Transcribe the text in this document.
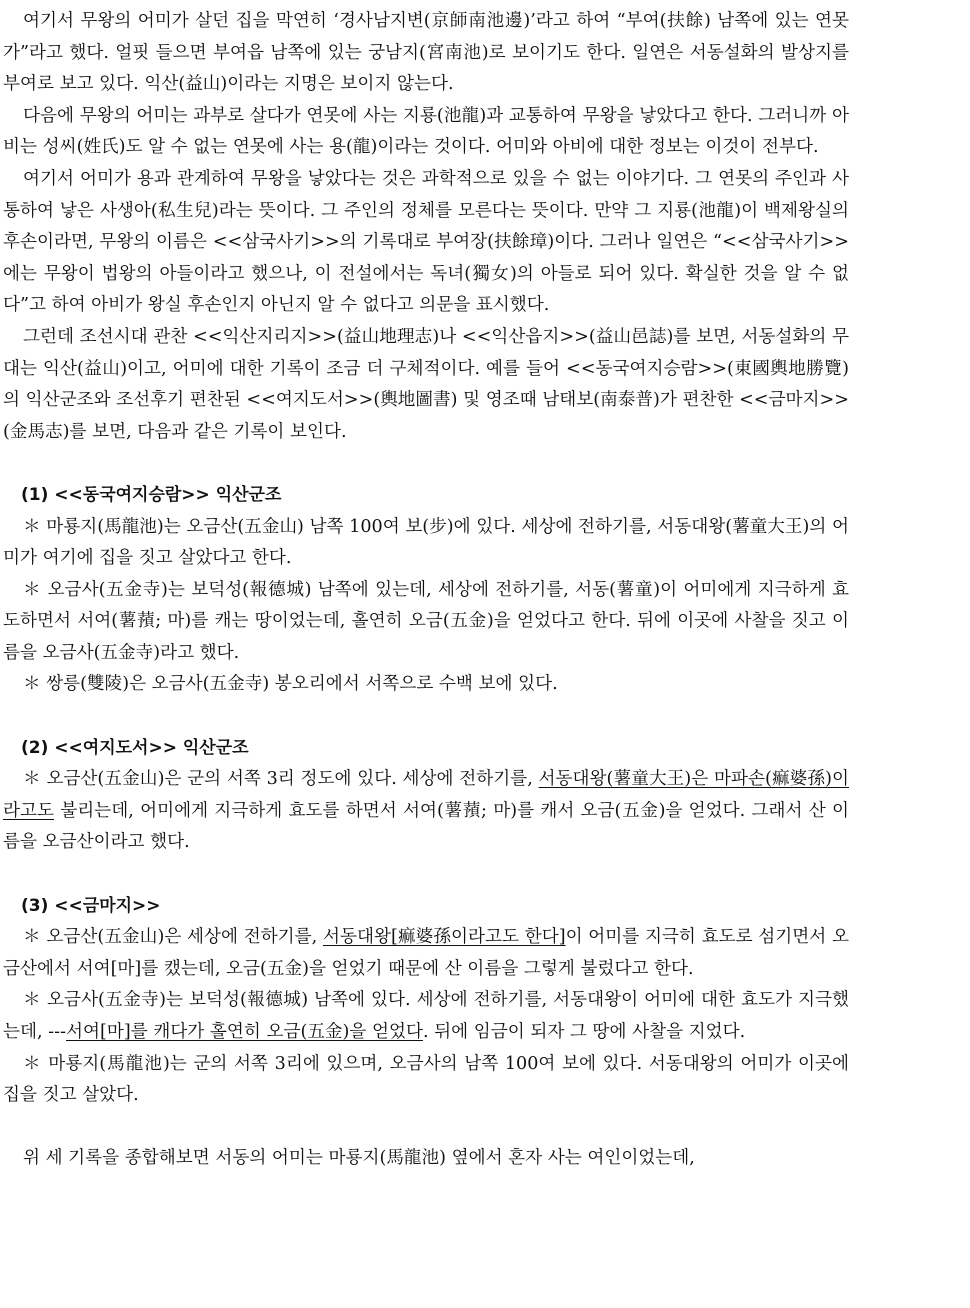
여기서 무왕의 어미가 살던 집을 막연히 ‘경사남지변(京師南池邊)’라고 하여 “부여(扶餘) 남쪽에 있는 연못가”라고 했다. 얼핏 들으면 부여읍 남쪽에 있는 궁남지(宮南池)로 보이기도 한다. 일연은 서동설화의 발상지를 부여로 보고 있다. 익산(益山)이라는 지명은 보이지 않는다.

다음에 무왕의 어미는 과부로 살다가 연못에 사는 지룡(池龍)과 교통하여 무왕을 낳았다고 한다. 그러니까 아비는 성씨(姓氏)도 알 수 없는 연못에 사는 용(龍)이라는 것이다. 어미와 아비에 대한 정보는 이것이 전부다.

여기서 어미가 용과 관계하여 무왕을 낳았다는 것은 과학적으로 있을 수 없는 이야기다. 그 연못의 주인과 사통하여 낳은 사생아(私生兒)라는 뜻이다. 그 주인의 정체를 모른다는 뜻이다. 만약 그 지룡(池龍)이 백제왕실의 후손이라면, 무왕의 이름은 <<삼국사기>>의 기록대로 부여장(扶餘璋)이다. 그러나 일연은 “<<삼국사기>>에는 무왕이 법왕의 아들이라고 했으나, 이 전설에서는 독녀(獨女)의 아들로 되어 있다. 확실한 것을 알 수 없다”고 하여 아비가 왕실 후손인지 아닌지 알 수 없다고 의문을 표시했다.

그런데 조선시대 관찬 <<익산지리지>>(益山地理志)나 <<익산읍지>>(益山邑誌)를 보면, 서동설화의 무대는 익산(益山)이고, 어미에 대한 기록이 조금 더 구체적이다. 예를 들어 <<동국여지승람>>(東國輿地勝覽)의 익산군조와 조선후기 편찬된 <<여지도서>>(輿地圖書) 및 영조때 남태보(南泰普)가 편찬한 <<금마지>>(金馬志)를 보면, 다음과 같은 기록이 보인다.

(1) <<동국여지승람>> 익산군조

＊ 마룡지(馬龍池)는 오금산(五金山) 남쪽 100여 보(步)에 있다. 세상에 전하기를, 서동대왕(薯童大王)의 어미가 여기에 집을 짓고 살았다고 한다.

＊ 오금사(五金寺)는 보덕성(報德城) 남쪽에 있는데, 세상에 전하기를, 서동(薯童)이 어미에게 지극하게 효도하면서 서여(薯蕷; 마)를 캐는 땅이었는데, 홀연히 오금(五金)을 얻었다고 한다. 뒤에 이곳에 사찰을 짓고 이름을 오금사(五金寺)라고 했다.

＊ 쌍릉(雙陵)은 오금사(五金寺) 봉오리에서 서쪽으로 수백 보에 있다.

(2) <<여지도서>> 익산군조

＊ 오금산(五金山)은 군의 서쪽 3리 정도에 있다. 세상에 전하기를, 서동대왕(薯童大王)은 마파손(痲婆孫)이라고도 불리는데, 어미에게 지극하게 효도를 하면서 서여(薯蕷; 마)를 캐서 오금(五金)을 얻었다. 그래서 산 이름을 오금산이라고 했다.

(3) <<금마지>>

＊ 오금산(五金山)은 세상에 전하기를, 서동대왕[痲婆孫이라고도 한다]이 어미를 지극히 효도로 섬기면서 오금산에서 서여[마]를 캤는데, 오금(五金)을 얻었기 때문에 산 이름을 그렇게 불렀다고 한다.

＊ 오금사(五金寺)는 보덕성(報德城) 남쪽에 있다. 세상에 전하기를, 서동대왕이 어미에 대한 효도가 지극했는데, ---서여[마]를 캐다가 홀연히 오금(五金)을 얻었다. 뒤에 임금이 되자 그 땅에 사찰을 지었다.

＊ 마룡지(馬龍池)는 군의 서쪽 3리에 있으며, 오금사의 남쪽 100여 보에 있다. 서동대왕의 어미가 이곳에 집을 짓고 살았다.

위 세 기록을 종합해보면 서동의 어미는 마룡지(馬龍池) 옆에서 혼자 사는 여인이었는데,
